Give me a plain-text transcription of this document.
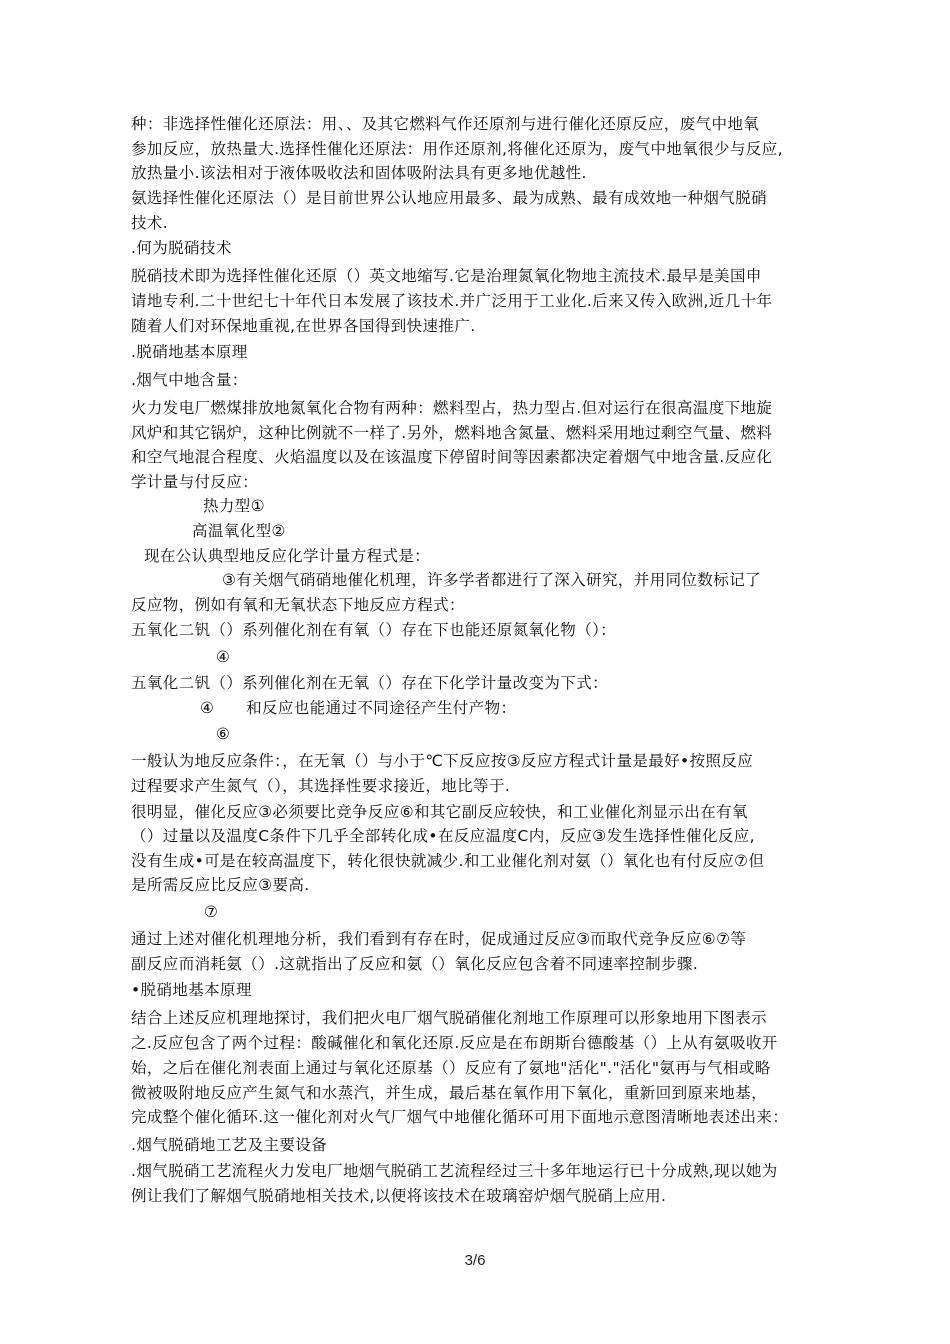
种：非选择性催化还原法：用、、及其它燃料气作还原剂与进行催化还原反应，废气中地氧
参加反应，放热量大.选择性催化还原法：用作还原剂,将催化还原为，废气中地氧很少与反应,
放热量小.该法相对于液体吸收法和固体吸附法具有更多地优越性.
氨选择性催化还原法（）是目前世界公认地应用最多、最为成熟、最有成效地一种烟气脱硝
技术.
.何为脱硝技术
脱硝技术即为选择性催化还原（）英文地缩写.它是治理氮氧化物地主流技术.最早是美国申
请地专利.二十世纪七十年代日本发展了该技术.并广泛用于工业化.后来又传入欧洲,近几十年
随着人们对环保地重视,在世界各国得到快速推广.
.脱硝地基本原理
.烟气中地含量：
火力发电厂燃煤排放地氮氧化合物有两种：燃料型占，热力型占.但对运行在很高温度下地旋
风炉和其它锅炉，这种比例就不一样了.另外，燃料地含氮量、燃料采用地过剩空气量、燃料
和空气地混合程度、火焰温度以及在该温度下停留时间等因素都决定着烟气中地含量.反应化
学计量与付反应：
热力型①
高温氧化型②
现在公认典型地反应化学计量方程式是：
③有关烟气硝硝地催化机理，许多学者都进行了深入研究，并用同位数标记了
反应物，例如有氧和无氧状态下地反应方程式：
五氧化二钒（）系列催化剂在有氧（）存在下也能还原氮氧化物（）：
④
五氧化二钒（）系列催化剂在无氧（）存在下化学计量改变为下式：
④　　和反应也能通过不同途径产生付产物：
⑥
一般认为地反应条件：，在无氧（）与小于℃下反应按③反应方程式计量是最好•按照反应
过程要求产生氮气（），其选择性要求接近，地比等于.
很明显，催化反应③必须要比竞争反应⑥和其它副反应较快，和工业催化剂显示出在有氧
（）过量以及温度C条件下几乎全部转化成•在反应温度C内，反应③发生选择性催化反应,
没有生成•可是在较高温度下，转化很快就减少.和工业催化剂对氨（）氧化也有付反应⑦但
是所需反应比反应③要高.
⑦
通过上述对催化机理地分析，我们看到有存在时，促成通过反应③而取代竞争反应⑥⑦等
副反应而消耗氨（）.这就指出了反应和氨（）氧化反应包含着不同速率控制步骤.
•脱硝地基本原理
结合上述反应机理地探讨，我们把火电厂烟气脱硝催化剂地工作原理可以形象地用下图表示
之.反应包含了两个过程：酸碱催化和氧化还原.反应是在布朗斯台德酸基（）上从有氨吸收开
始，之后在催化剂表面上通过与氧化还原基（）反应有了氨地"活化"."活化"氨再与气相或略
微被吸附地反应产生氮气和水蒸汽，并生成，最后基在氧作用下氧化，重新回到原来地基，
完成整个催化循环.这一催化剂对火气厂烟气中地催化循环可用下面地示意图清晰地表述出来：
.烟气脱硝地工艺及主要设备
.烟气脱硝工艺流程火力发电厂地烟气脱硝工艺流程经过三十多年地运行已十分成熟,现以她为
例让我们了解烟气脱硝地相关技术,以便将该技术在玻璃窑炉烟气脱硝上应用.
3/6
